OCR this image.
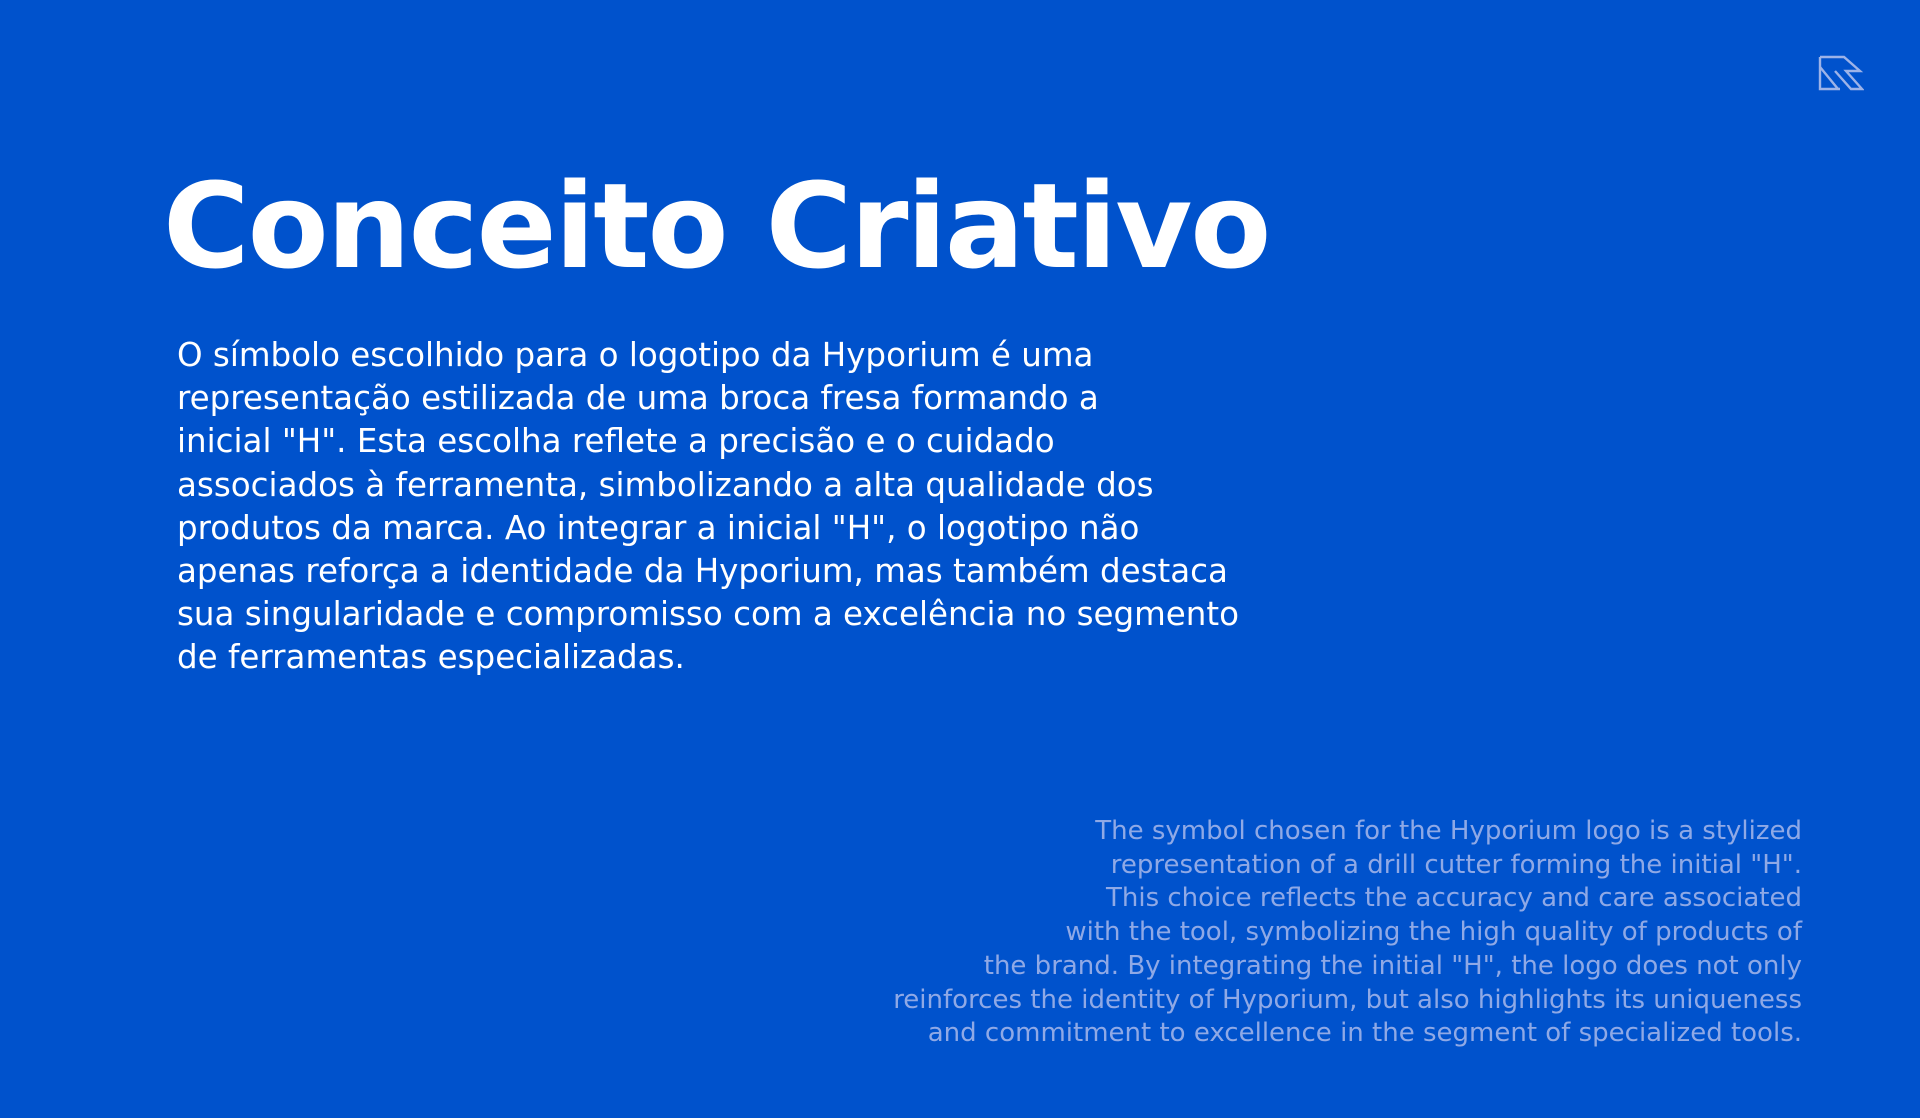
Conceito Criativo

O símbolo escolhido para o logotipo da Hyporium é uma
representação estilizada de uma broca fresa formando a
inicial "H". Esta escolha reflete a precisão e o cuidado
associados à ferramenta, simbolizando a alta qualidade dos
produtos da marca. Ao integrar a inicial "H", o logotipo não
apenas reforça a identidade da Hyporium, mas também destaca
sua singularidade e compromisso com a excelência no segmento
de ferramentas especializadas.

The symbol chosen for the Hyporium logo is a stylized
representation of a drill cutter forming the initial "H".
This choice reflects the accuracy and care associated
with the tool, symbolizing the high quality of products of
the brand. By integrating the initial "H", the logo does not only
reinforces the identity of Hyporium, but also highlights its uniqueness
and commitment to excellence in the segment of specialized tools.
